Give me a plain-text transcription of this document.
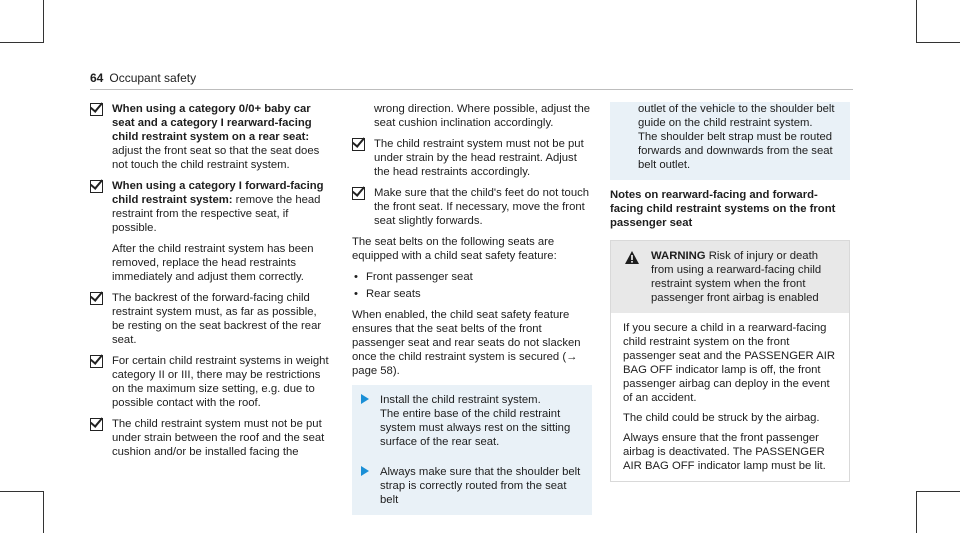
64 Occupant safety
When using a category 0/0+ baby car seat and a category I rearward-facing child restraint system on a rear seat: adjust the front seat so that the seat does not touch the child restraint system.
When using a category I forward-facing child restraint system: remove the head restraint from the respective seat, if possible.

After the child restraint system has been removed, replace the head restraints immediately and adjust them correctly.

The backrest of the forward-facing child restraint system must, as far as possible, be resting on the seat backrest of the rear seat.
For certain child restraint systems in weight category II or III, there may be restrictions on the maximum size setting, e.g. due to possible contact with the roof.
The child restraint system must not be put under strain between the roof and the seat cushion and/or be installed facing the

wrong direction. Where possible, adjust the seat cushion inclination accordingly.

The child restraint system must not be put under strain by the head restraint. Adjust the head restraints accordingly.
Make sure that the child's feet do not touch the front seat. If necessary, move the front seat slightly forwards.

The seat belts on the following seats are equipped with a child seat safety feature:

• Front passenger seat
• Rear seats

When enabled, the child seat safety feature ensures that the seat belts of the front passenger seat and rear seats do not slacken once the child restraint system is secured (→ page 58).

Install the child restraint system.
The entire base of the child restraint system must always rest on the sitting surface of the rear seat.
Always make sure that the shoulder belt strap is correctly routed from the seat belt
outlet of the vehicle to the shoulder belt guide on the child restraint system.
The shoulder belt strap must be routed forwards and downwards from the seat belt outlet.
Notes on rearward-facing and forward-facing child restraint systems on the front passenger seat
WARNING Risk of injury or death from using a rearward-facing child restraint system when the front passenger front airbag is enabled

If you secure a child in a rearward-facing child restraint system on the front passenger seat and the PASSENGER AIR BAG OFF indicator lamp is off, the front passenger airbag can deploy in the event of an accident.

The child could be struck by the airbag.

Always ensure that the front passenger airbag is deactivated. The PASSENGER AIR BAG OFF indicator lamp must be lit.
